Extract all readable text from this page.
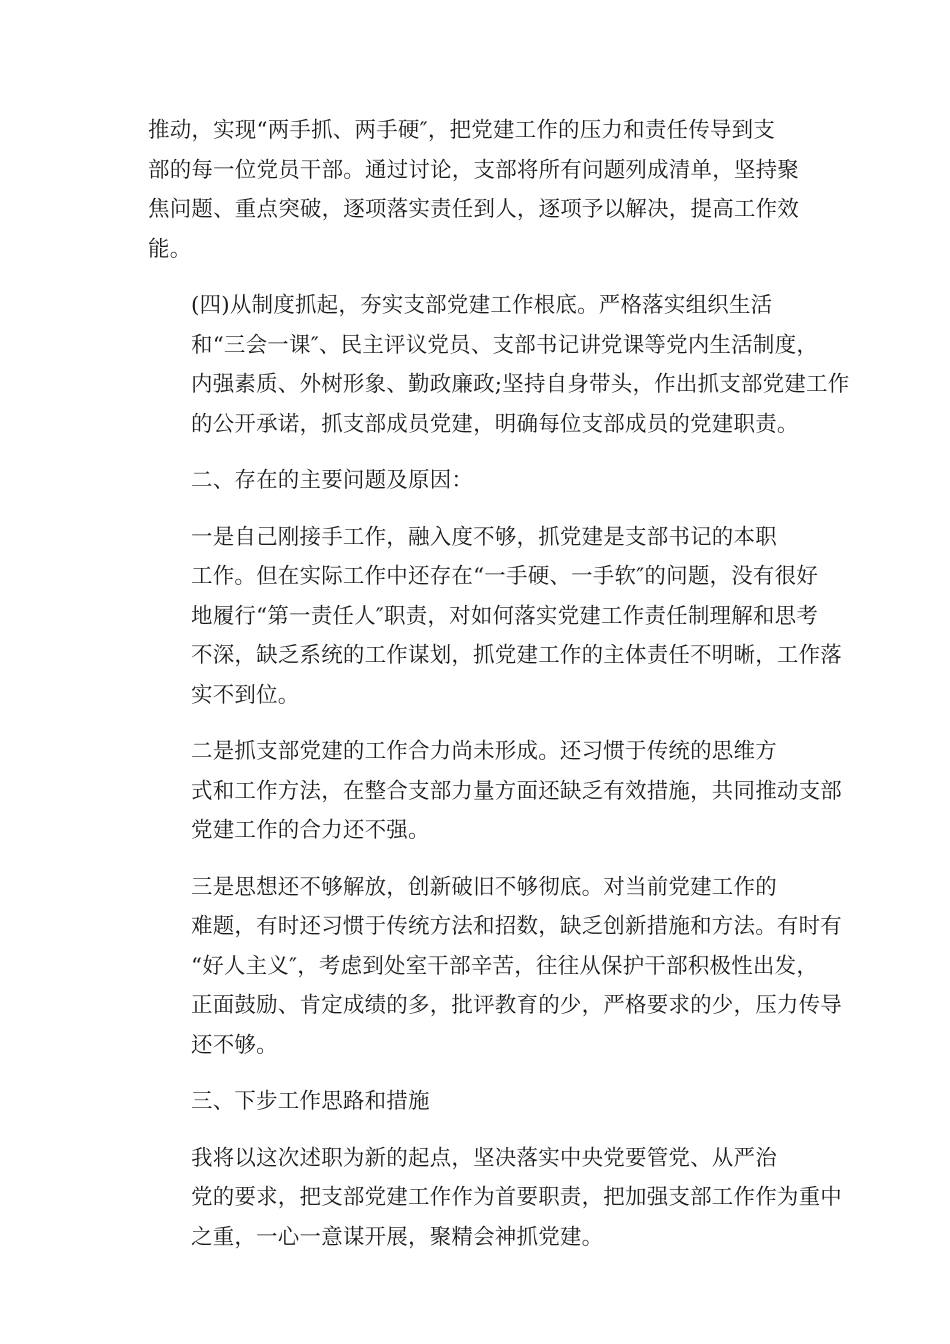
推动，实现“两手抓、两手硬″，把党建工作的压力和责任传导到支
部的每一位党员干部。通过讨论，支部将所有问题列成清单，坚持聚
焦问题、重点突破，逐项落实责任到人，逐项予以解决，提高工作效
能。
(四)从制度抓起，夯实支部党建工作根底。严格落实组织生活
和“三会一课″、民主评议党员、支部书记讲党课等党内生活制度，
内强素质、外树形象、勤政廉政;坚持自身带头，作出抓支部党建工作
的公开承诺，抓支部成员党建，明确每位支部成员的党建职责。
二、存在的主要问题及原因：
一是自己刚接手工作，融入度不够，抓党建是支部书记的本职
工作。但在实际工作中还存在“一手硬、一手软″的问题，没有很好
地履行“第一责任人″职责，对如何落实党建工作责任制理解和思考
不深，缺乏系统的工作谋划，抓党建工作的主体责任不明晰，工作落
实不到位。
二是抓支部党建的工作合力尚未形成。还习惯于传统的思维方
式和工作方法，在整合支部力量方面还缺乏有效措施，共同推动支部
党建工作的合力还不强。
三是思想还不够解放，创新破旧不够彻底。对当前党建工作的
难题，有时还习惯于传统方法和招数，缺乏创新措施和方法。有时有
“好人主义″，考虑到处室干部辛苦，往往从保护干部积极性出发，
正面鼓励、肯定成绩的多，批评教育的少，严格要求的少，压力传导
还不够。
三、下步工作思路和措施
我将以这次述职为新的起点，坚决落实中央党要管党、从严治
党的要求，把支部党建工作作为首要职责，把加强支部工作作为重中
之重，一心一意谋开展，聚精会神抓党建。
